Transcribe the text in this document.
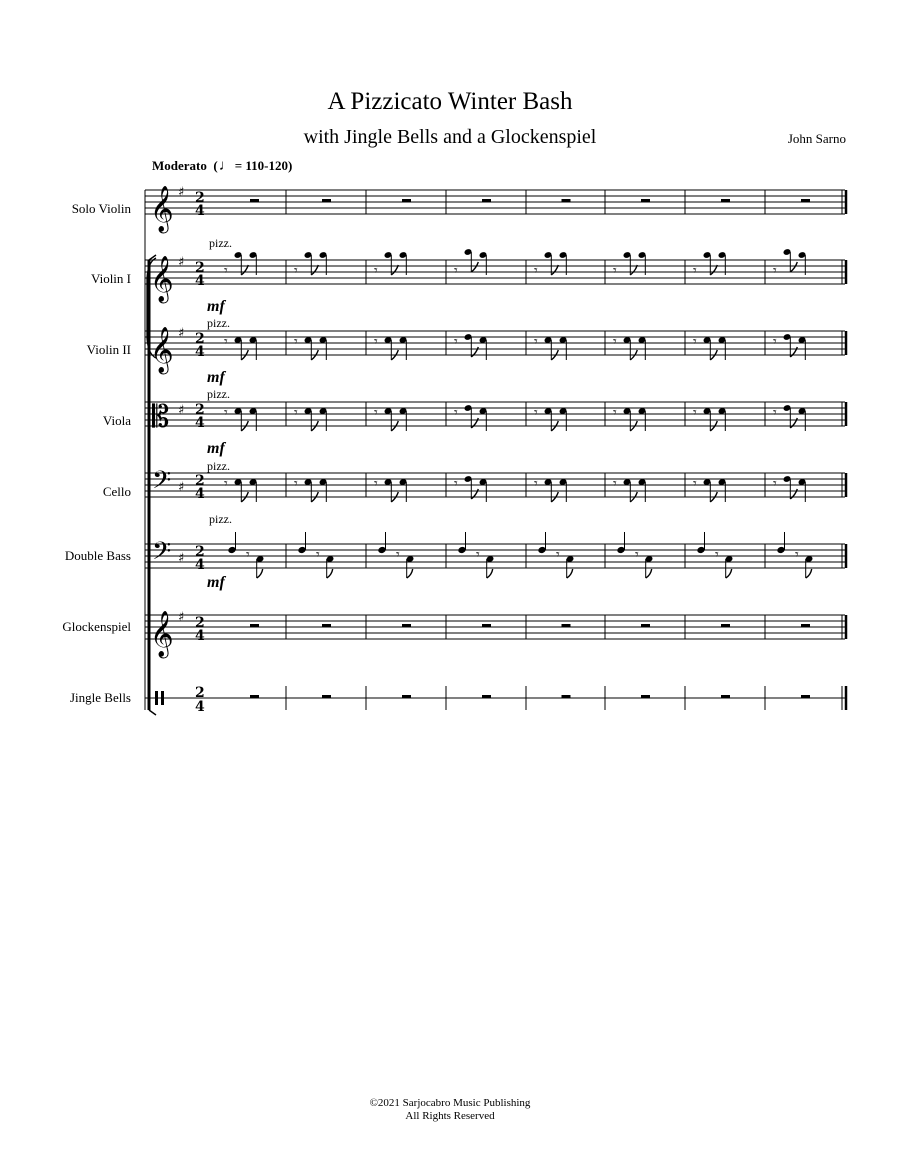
A Pizzicato Winter Bash
with Jingle Bells and a Glockenspiel	John Sarno
Moderato (♩= 110-120)
Solo Violin
Violin I
Violin II
Viola
Cello
Double Bass
Glockenspiel
Jingle Bells
pizz.
mf
pizz.
mf
pizz.
mf
pizz.
pizz.
mf
𝄞 ♯ 2
4
𝄞 ♯ 2
4
𝄾	𝄾	𝄾	𝄾	𝄾	𝄾	𝄾	𝄾
𝄞 ♯ 2
4
𝄾	𝄾	𝄾	𝄾	𝄾	𝄾	𝄾	𝄾
𝄡 ♯ 2
4
𝄾	𝄾	𝄾	𝄾	𝄾	𝄾	𝄾	𝄾
𝄢 ♯ 2
4
𝄾	𝄾	𝄾	𝄾	𝄾	𝄾	𝄾	𝄾
𝄢 ♯ 2
4
𝄾	𝄾	𝄾	𝄾	𝄾	𝄾	𝄾	𝄾
𝄞 ♯ 2
4
2
4
©2021 Sarjocabro Music Publishing
All Rights Reserved
